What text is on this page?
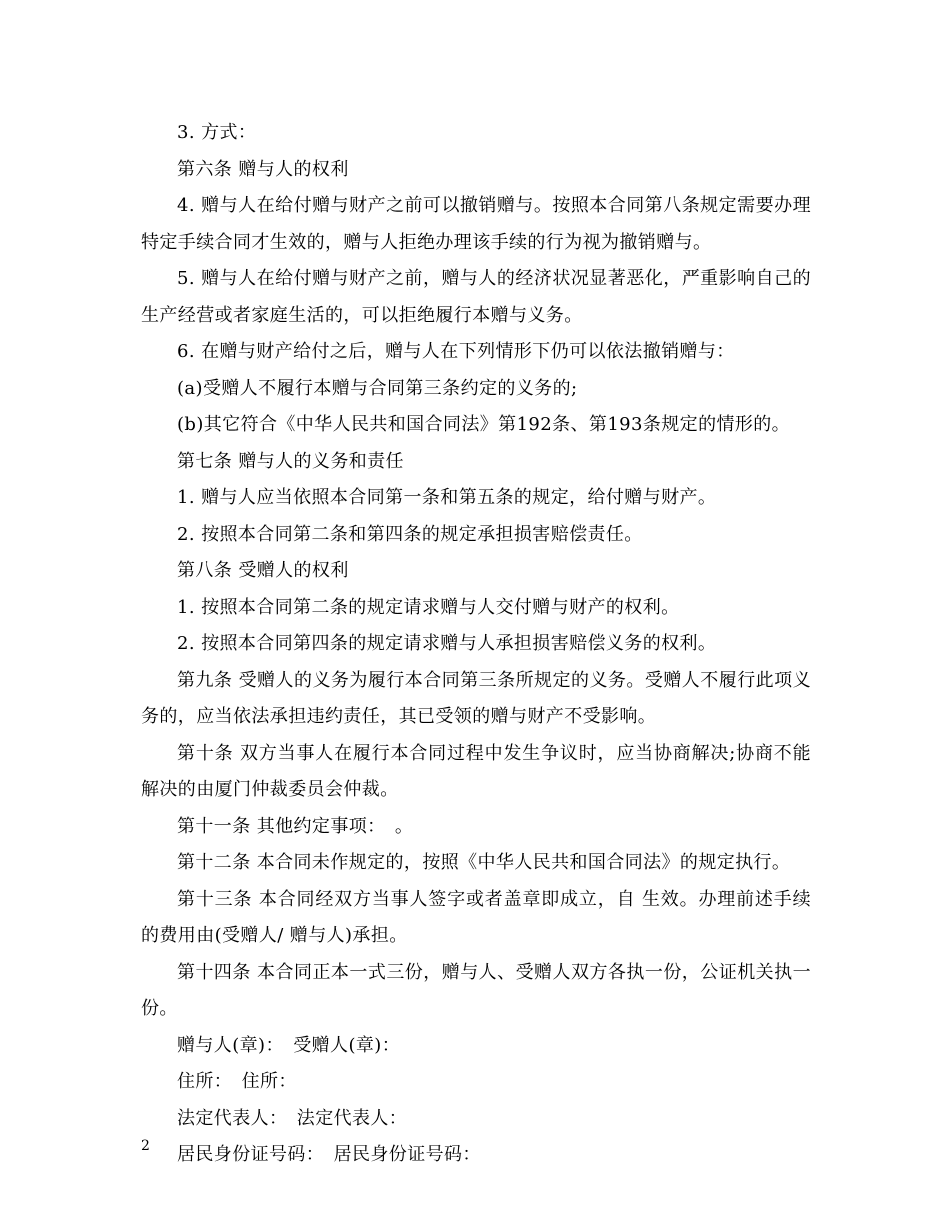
3. 方式：

第六条 赠与人的权利

4. 赠与人在给付赠与财产之前可以撤销赠与。按照本合同第八条规定需要办理特定手续合同才生效的，赠与人拒绝办理该手续的行为视为撤销赠与。

5. 赠与人在给付赠与财产之前，赠与人的经济状况显著恶化，严重影响自己的生产经营或者家庭生活的，可以拒绝履行本赠与义务。

6. 在赠与财产给付之后，赠与人在下列情形下仍可以依法撤销赠与：

(a)受赠人不履行本赠与合同第三条约定的义务的;

(b)其它符合《中华人民共和国合同法》第192条、第193条规定的情形的。

第七条 赠与人的义务和责任

1. 赠与人应当依照本合同第一条和第五条的规定，给付赠与财产。

2. 按照本合同第二条和第四条的规定承担损害赔偿责任。

第八条 受赠人的权利

1. 按照本合同第二条的规定请求赠与人交付赠与财产的权利。

2. 按照本合同第四条的规定请求赠与人承担损害赔偿义务的权利。

第九条 受赠人的义务为履行本合同第三条所规定的义务。受赠人不履行此项义务的，应当依法承担违约责任，其已受领的赠与财产不受影响。

第十条 双方当事人在履行本合同过程中发生争议时，应当协商解决;协商不能解决的由厦门仲裁委员会仲裁。

第十一条 其他约定事项：　。

第十二条 本合同未作规定的，按照《中华人民共和国合同法》的规定执行。

第十三条 本合同经双方当事人签字或者盖章即成立，自 生效。办理前述手续的费用由(受赠人/ 赠与人)承担。

第十四条 本合同正本一式三份，赠与人、受赠人双方各执一份，公证机关执一份。

赠与人(章)：　受赠人(章)：

住所：　住所：

法定代表人：　法定代表人：

居民身份证号码：　居民身份证号码：

2
